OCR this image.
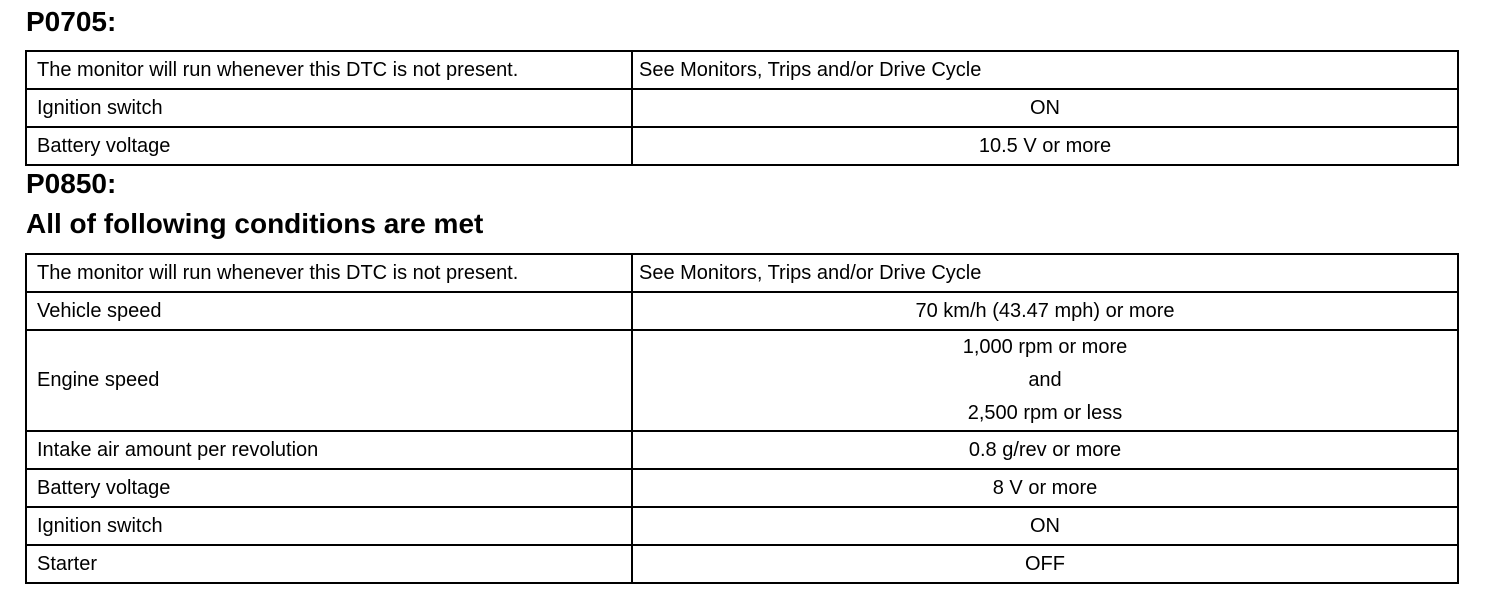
P0705:
The monitor will run whenever this DTC is not present.	See Monitors, Trips and/or Drive Cycle
Ignition switch	ON
Battery voltage	10.5 V or more
P0850:
All of following conditions are met
The monitor will run whenever this DTC is not present.	See Monitors, Trips and/or Drive Cycle
Vehicle speed	70 km/h (43.47 mph) or more
Engine speed	1,000 rpm or more
and
2,500 rpm or less

Intake air amount per revolution	0.8 g/rev or more
Battery voltage	8 V or more
Ignition switch	ON
Starter	OFF
